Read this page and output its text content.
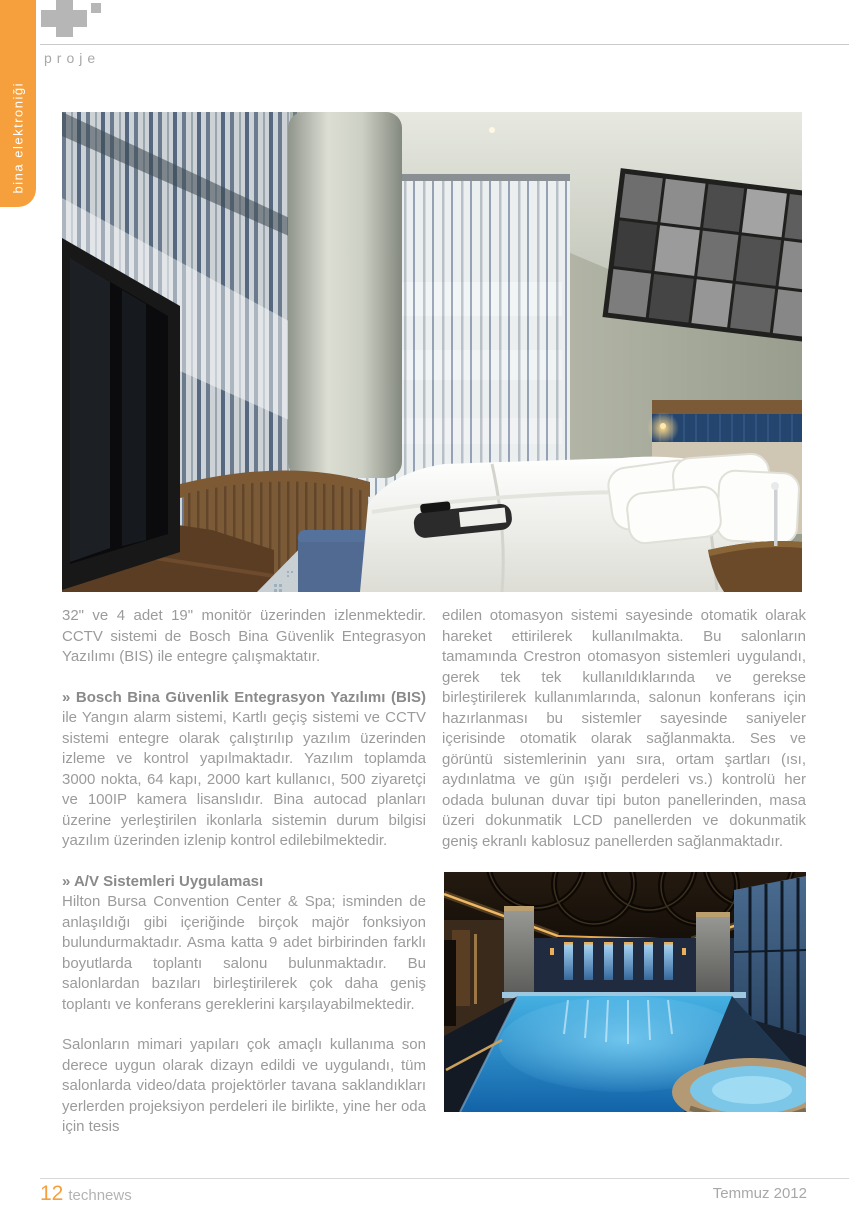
bina elektroniği
proje

32" ve 4 adet 19" monitör üzerinden izlenmektedir. CCTV sistemi de Bosch Bina Güvenlik Entegrasyon Yazılımı (BIS) ile entegre çalışmaktatır.

» Bosch Bina Güvenlik Entegrasyon Yazılımı (BIS) ile Yangın alarm sistemi, Kartlı geçiş sistemi ve CCTV sistemi entegre olarak çalıştırılıp yazılım üzerinden izleme ve kontrol yapılmaktadır. Yazılım toplamda 3000 nokta, 64 kapı, 2000 kart kullanıcı, 500 ziyaretçi ve 100IP kamera lisanslıdır. Bina autocad planları üzerine yerleştirilen ikonlarla sistemin durum bilgisi yazılım üzerinden izlenip kontrol edilebilmektedir.

» A/V Sistemleri Uygulaması
Hilton Bursa Convention Center & Spa; isminden de anlaşıldığı gibi içeriğinde birçok majör fonksiyon bulundurmaktadır. Asma katta 9 adet birbirinden farklı boyutlarda toplantı salonu bulunmaktadır. Bu salonlardan bazıları birleştirilerek çok daha geniş toplantı ve konferans gereklerini karşılayabilmektedir.

Salonların mimari yapıları çok amaçlı kullanıma son derece uygun olarak dizayn edildi ve uygulandı, tüm salonlarda video/data projektörler tavana saklandıkları yerlerden projeksiyon perdeleri ile birlikte, yine her oda için tesis

edilen otomasyon sistemi sayesinde otomatik olarak hareket ettirilerek kullanılmakta. Bu salonların tamamında Crestron otomasyon sistemleri uygulandı, gerek tek tek kullanıldıklarında ve gerekse birleştirilerek kullanımlarında, salonun konferans için hazırlanması bu sistemler sayesinde saniyeler içerisinde otomatik olarak sağlanmakta. Ses ve görüntü sistemlerinin yanı sıra, ortam şartları (ısı, aydınlatma ve gün ışığı perdeleri vs.) kontrolü her odada bulunan duvar tipi buton panellerinden, masa üzeri dokunmatik LCD panellerden ve dokunmatik geniş ekranlı kablosuz panellerden sağlanmaktadır.

12 technews	Temmuz 2012
